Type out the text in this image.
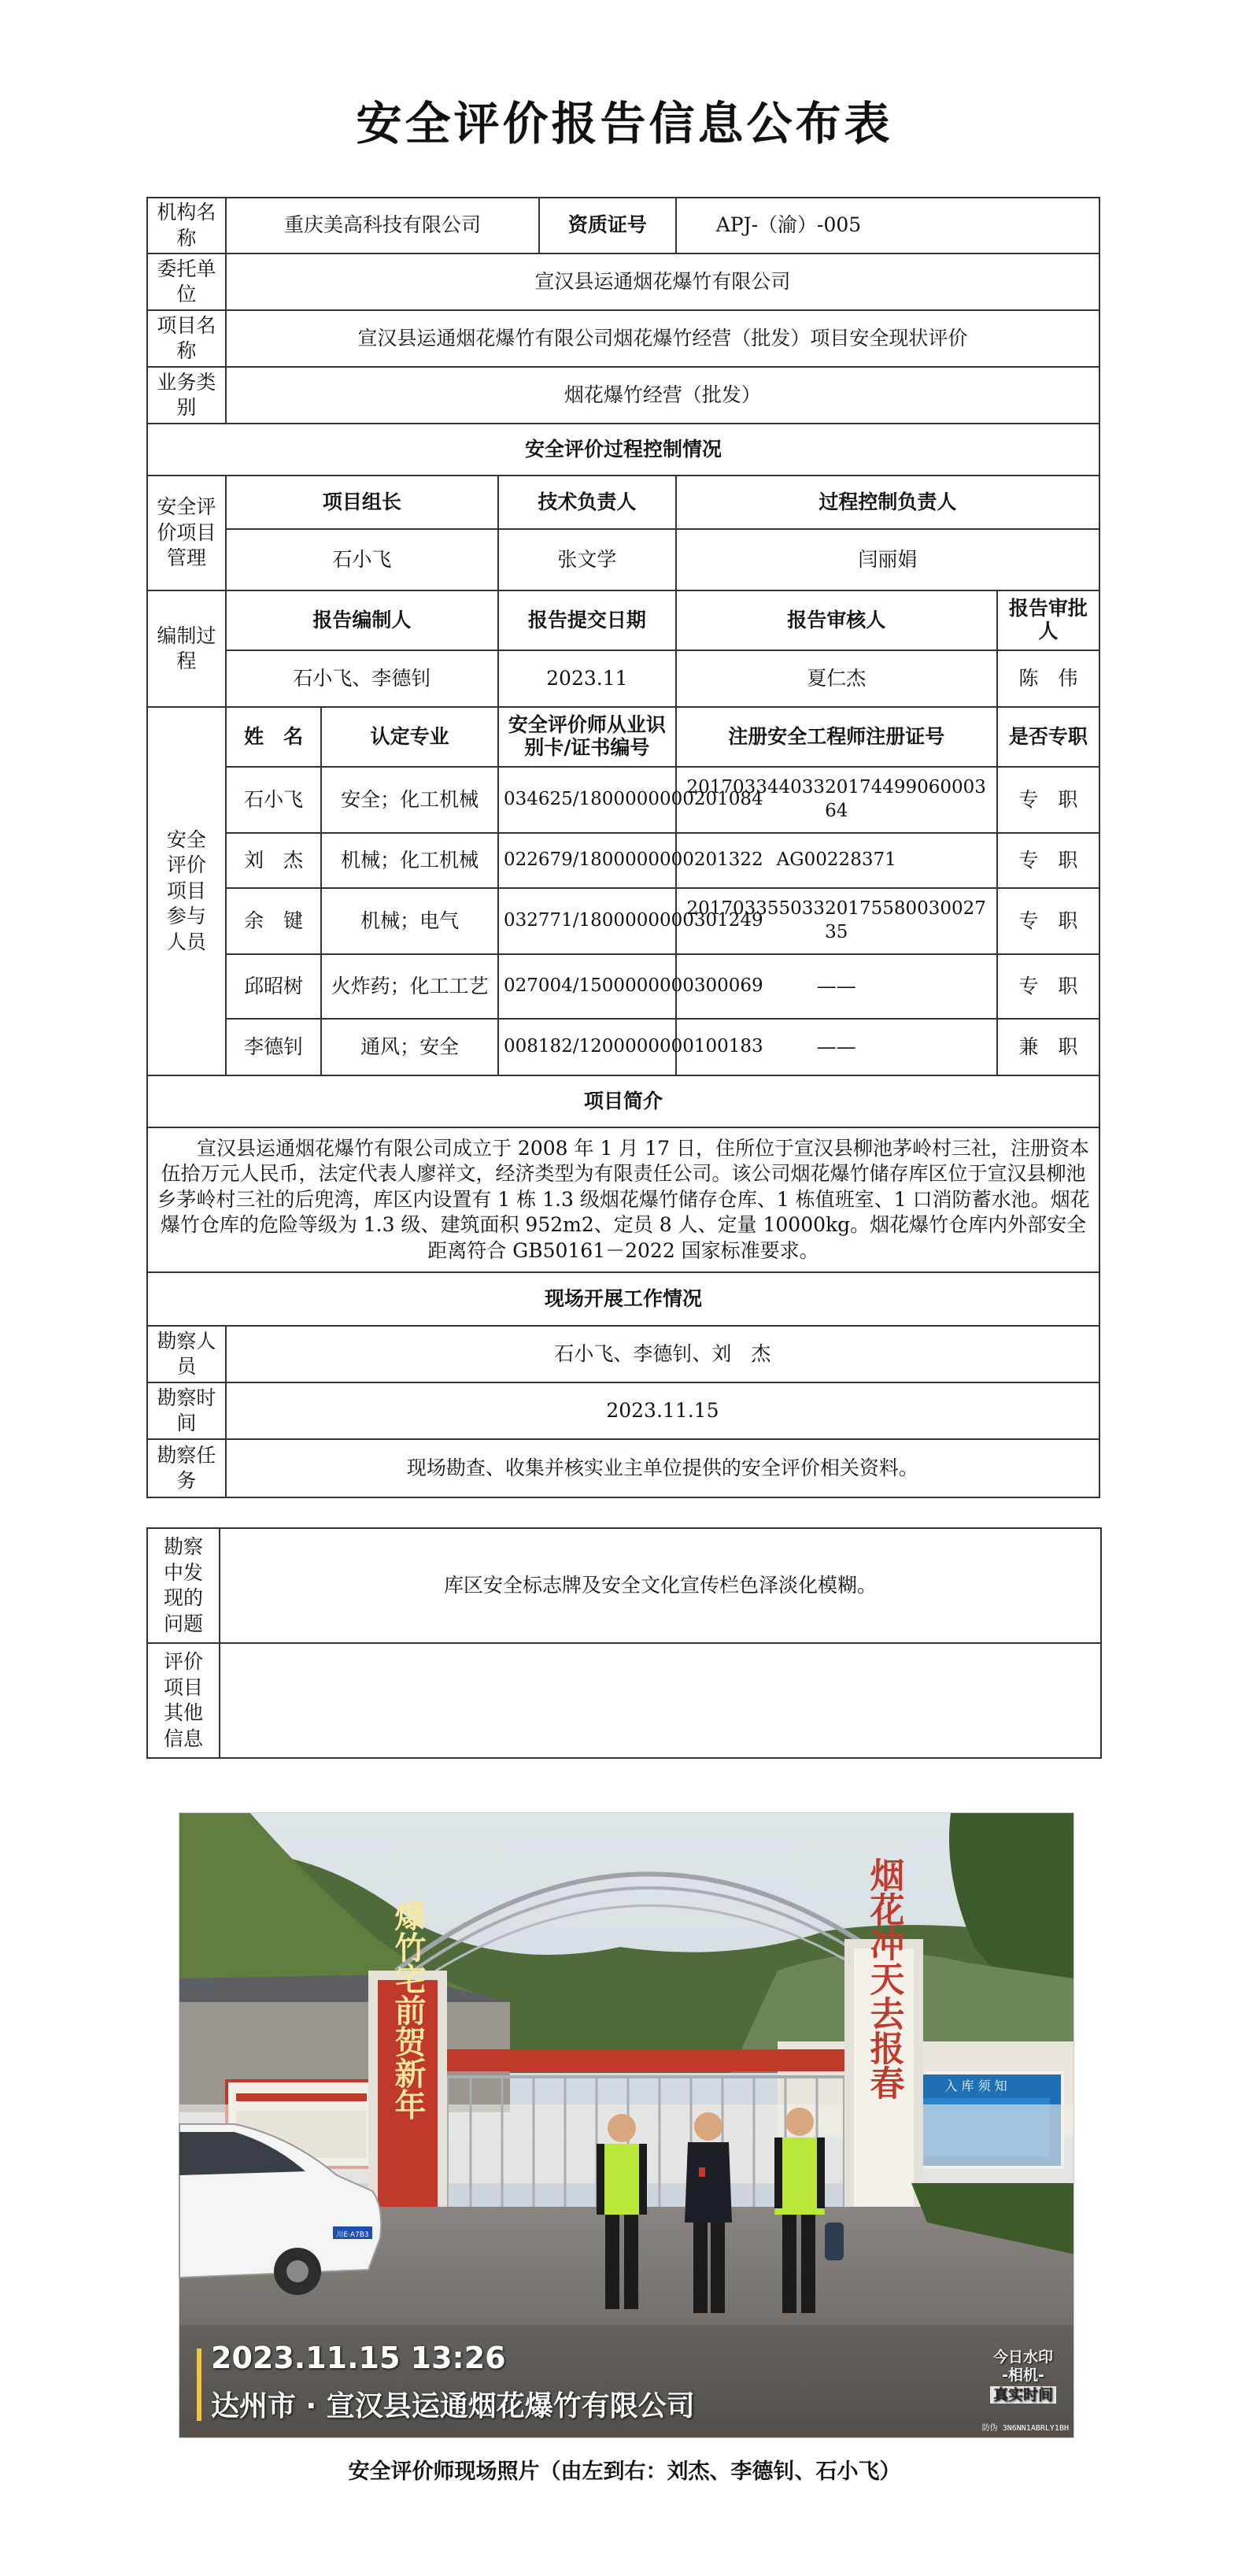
安全评价报告信息公布表
机构名称	重庆美高科技有限公司			资质证号	APJ-（渝）-005	
委托单位	宣汉县运通烟花爆竹有限公司					
项目名称	宣汉县运通烟花爆竹有限公司烟花爆竹经营（批发）项目安全现状评价					
业务类别	烟花爆竹经营（批发）					
安全评价过程控制情况						
安全评价项目管理	项目组长		技术负责人		过程控制负责人	
	石小飞		张文学		闫丽娟	
编制过程	报告编制人		报告提交日期		报告审核人	报告审批人
	石小飞、李德钊		2023.11		夏仁杰	陈　伟
安全评价项目参与人员	姓　名	认定专业	安全评价师从业识别卡/证书编号		注册安全工程师注册证号	是否专职
	石小飞	安全；化工机械	034625/1800000000201084		2017033440332017449906000364	专　职
	刘　杰	机械；化工机械	022679/1800000000201322		AG00228371	专　职
	余　键	机械；电气	032771/1800000000301249		2017033550332017558003002735	专　职
	邱昭树	火炸药；化工工艺	027004/1500000000300069		——	专　职
	李德钊	通风；安全	008182/1200000000100183		——	兼　职
项目简介						

宣汉县运通烟花爆竹有限公司成立于 2008 年 1 月 17 日，住所位于宣汉县柳池茅岭村三社，注册资本伍拾万元人民币，法定代表人廖祥文，经济类型为有限责任公司。该公司烟花爆竹储存库区位于宣汉县柳池乡茅岭村三社的后兜湾，库区内设置有 1 栋 1.3 级烟花爆竹储存仓库、1 栋值班室、1 口消防蓄水池。烟花爆竹仓库的危险等级为 1.3 级、建筑面积 952m2、定员 8 人、定量 10000kg。烟花爆竹仓库内外部安全距离符合 GB50161－2022 国家标准要求。						

现场开展工作情况						
勘察人员	石小飞、李德钊、刘　杰					
勘察时间	2023.11.15					
勘察任务	现场勘查、收集并核实业主单位提供的安全评价相关资料。					
勘察中发现的问题	库区安全标志牌及安全文化宣传栏色泽淡化模糊。
评价项目其他信息	
入 库 须 知
爆竹宅前贺新年	烟花冲天去报春
川E·A7B3
2023.11.15 13:26
达州市 · 宣汉县运通烟花爆竹有限公司
今日水印
-相机-
真实时间
防伪 3N6NN1ABRLY1BH
安全评价师现场照片（由左到右：刘杰、李德钊、石小飞）
